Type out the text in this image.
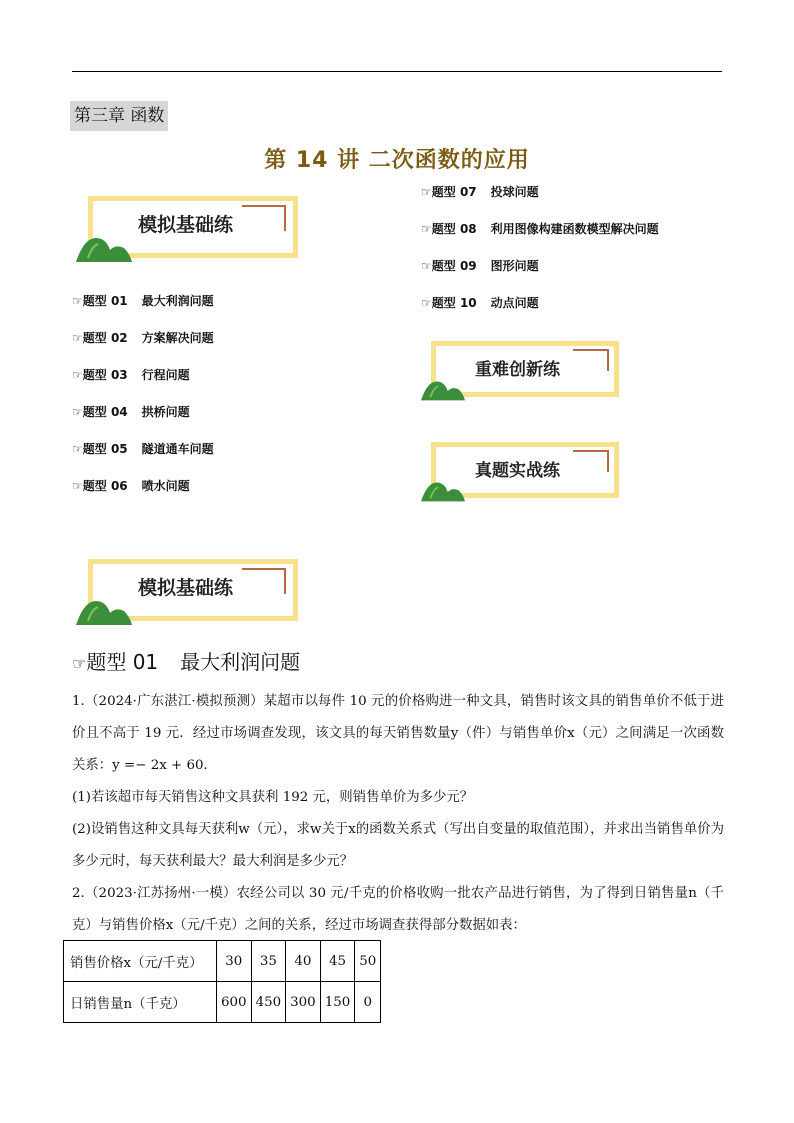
第三章 函数
第 14 讲 二次函数的应用
模拟基础练
☞题型 01 最大利润问题
☞题型 02 方案解决问题
☞题型 03 行程问题
☞题型 04 拱桥问题
☞题型 05 隧道通车问题
☞题型 06 喷水问题
☞题型 07 投球问题
☞题型 08 利用图像构建函数模型解决问题
☞题型 09 图形问题
☞题型 10 动点问题
重难创新练
真题实战练
模拟基础练
☞题型 01 最大利润问题
1.（2024·广东湛江·模拟预测）某超市以每件 10 元的价格购进一种文具，销售时该文具的销售单价不低于进价且不高于 19 元．经过市场调查发现，该文具的每天销售数量y（件）与销售单价x（元）之间满足一次函数关系：y =− 2x + 60．
(1)若该超市每天销售这种文具获利 192 元，则销售单价为多少元？
(2)设销售这种文具每天获利w（元），求w关于x的函数关系式（写出自变量的取值范围），并求出当销售单价为多少元时，每天获利最大？最大利润是多少元？
2.（2023·江苏扬州·一模）农经公司以 30 元/千克的价格收购一批农产品进行销售，为了得到日销售量n（千克）与销售价格x（元/千克）之间的关系，经过市场调查获得部分数据如表：
销售价格x（元/千克）	30	35	40	45	50
日销售量n（千克）	600	450	300	150	0
